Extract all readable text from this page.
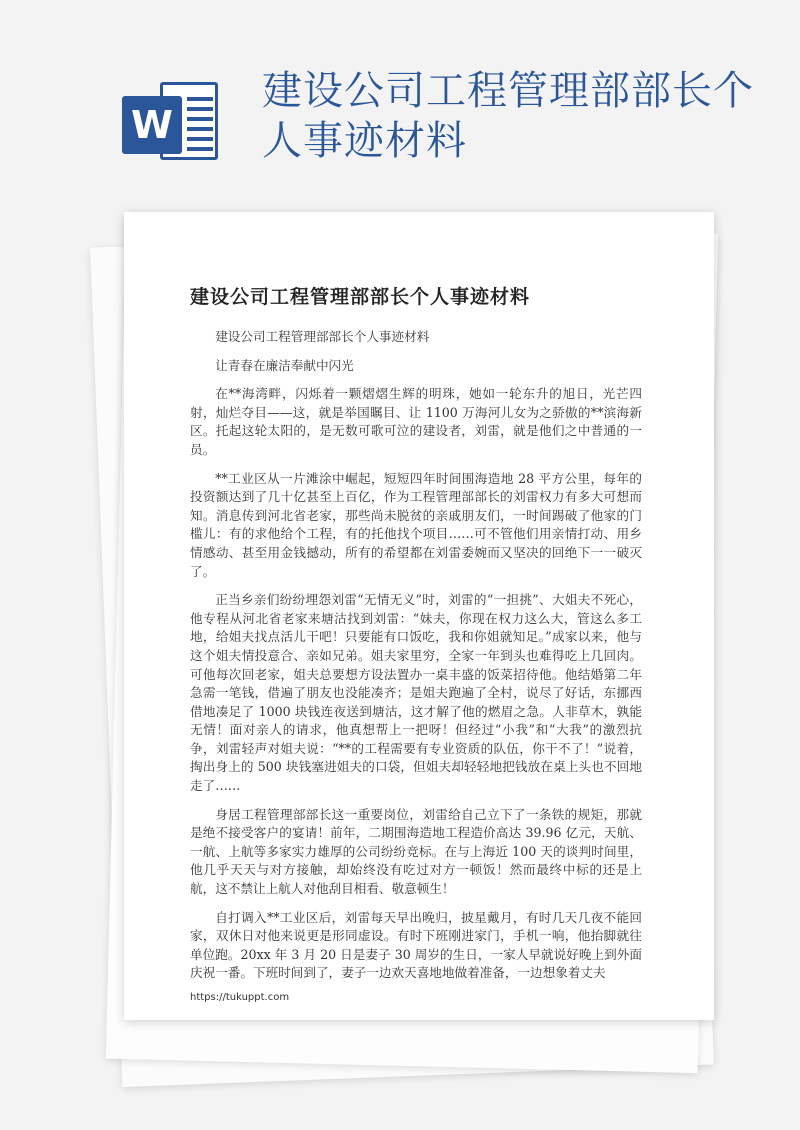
W
建设公司工程管理部部长个人事迹材料
建设公司工程管理部部长个人事迹材料

建设公司工程管理部部长个人事迹材料

让青春在廉洁奉献中闪光

在**海湾畔，闪烁着一颗熠熠生辉的明珠，她如一轮东升的旭日，光芒四射，灿烂夺目——这，就是举国瞩目、让 1100 万海河儿女为之骄傲的**滨海新区。托起这轮太阳的，是无数可歌可泣的建设者，刘雷，就是他们之中普通的一员。

**工业区从一片滩涂中崛起，短短四年时间围海造地 28 平方公里，每年的投资额达到了几十亿甚至上百亿，作为工程管理部部长的刘雷权力有多大可想而知。消息传到河北省老家，那些尚未脱贫的亲戚朋友们，一时间踢破了他家的门槛儿：有的求他给个工程，有的托他找个项目……可不管他们用亲情打动、用乡情感动、甚至用金钱撼动，所有的希望都在刘雷委婉而又坚决的回绝下一一破灭了。

正当乡亲们纷纷埋怨刘雷“无情无义”时，刘雷的“一担挑”、大姐夫不死心，他专程从河北省老家来塘沽找到刘雷：“妹夫，你现在权力这么大，管这么多工地，给姐夫找点活儿干吧！只要能有口饭吃，我和你姐就知足。”成家以来，他与这个姐夫情投意合、亲如兄弟。姐夫家里穷，全家一年到头也难得吃上几回肉。可他每次回老家，姐夫总要想方设法置办一桌丰盛的饭菜招待他。他结婚第二年急需一笔钱，借遍了朋友也没能凑齐；是姐夫跑遍了全村，说尽了好话，东挪西借地凑足了 1000 块钱连夜送到塘沽，这才解了他的燃眉之急。人非草木，孰能无情！面对亲人的请求，他真想帮上一把呀！但经过“小我”和“大我”的激烈抗争，刘雷轻声对姐夫说：“**的工程需要有专业资质的队伍，你干不了！”说着，掏出身上的 500 块钱塞进姐夫的口袋，但姐夫却轻轻地把钱放在桌上头也不回地走了……

身居工程管理部部长这一重要岗位，刘雷给自己立下了一条铁的规矩，那就是绝不接受客户的宴请！前年，二期围海造地工程造价高达 39.96 亿元，天航、一航、上航等多家实力雄厚的公司纷纷竞标。在与上海近 100 天的谈判时间里，他几乎天天与对方接触，却始终没有吃过对方一顿饭！然而最终中标的还是上航，这不禁让上航人对他刮目相看、敬意顿生！

自打调入**工业区后，刘雷每天早出晚归，披星戴月，有时几天几夜不能回家，双休日对他来说更是形同虚设。有时下班刚进家门，手机一响，他抬脚就往单位跑。20xx 年 3 月 20 日是妻子 30 周岁的生日，一家人早就说好晚上到外面庆祝一番。下班时间到了，妻子一边欢天喜地地做着准备，一边想象着丈夫

https://tukuppt.com
